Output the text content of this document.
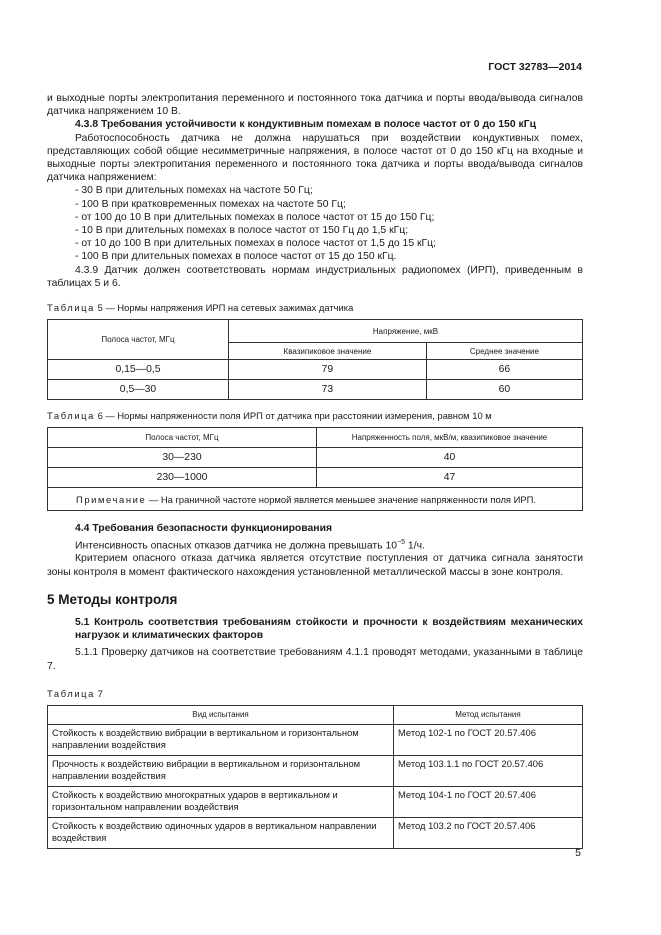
ГОСТ 32783—2014

и выходные порты электропитания переменного и постоянного тока датчика и порты ввода/вывода сигналов датчика напряжением 10 В.

4.3.8 Требования устойчивости к кондуктивным помехам в полосе частот от 0 до 150 кГц

Работоспособность датчика не должна нарушаться при воздействии кондуктивных помех, представляющих собой общие несимметричные напряжения, в полосе частот от 0 до 150 кГц на входные и выходные порты электропитания переменного и постоянного тока датчика и порты ввода/вывода сигналов датчика напряжением:

- 30 В при длительных помехах на частоте 50 Гц;

- 100 В при кратковременных помехах на частоте 50 Гц;

- от 100 до 10 В при длительных помехах в полосе частот от 15 до 150 Гц;

- 10 В при длительных помехах в полосе частот от 150 Гц до 1,5 кГц;

- от 10 до 100 В при длительных помехах в полосе частот от 1,5 до 15 кГц;

- 100 В при длительных помехах в полосе частот от 15 до 150 кГц.

4.3.9 Датчик должен соответствовать нормам индустриальных радиопомех (ИРП), приведенным в таблицах 5 и 6.

Таблица 5 — Нормы напряжения ИРП на сетевых зажимах датчика
Полоса частот, МГц	Напряжение, мкВ	
	Квазипиковое значение	Среднее значение
0,15—0,5	79	66
0,5—30	73	60
Таблица 6 — Нормы напряженности поля ИРП от датчика при расстоянии измерения, равном 10 м
Полоса частот, МГц	Напряженность поля, мкВ/м, квазипиковое значение
30—230	40
230—1000	47
Примечание — На граничной частоте нормой является меньшее значение напряженности поля ИРП.	

4.4 Требования безопасности функционирования

Интенсивность опасных отказов датчика не должна превышать $10^{-5}$ 1/ч.

Критерием опасного отказа датчика является отсутствие поступления от датчика сигнала занятости зоны контроля в момент фактического нахождения установленной металлической массы в зоне контроля.

5 Методы контроля

5.1 Контроль соответствия требованиям стойкости и прочности к воздействиям механических нагрузок и климатических факторов

5.1.1 Проверку датчиков на соответствие требованиям 4.1.1 проводят методами, указанными в таблице 7.

Таблица 7
Вид испытания	Метод испытания
Стойкость к воздействию вибрации в вертикальном и горизонтальном направлении воздействия	Метод 102-1 по ГОСТ 20.57.406
Прочность к воздействию вибрации в вертикальном и горизонтальном направлении воздействия	Метод 103.1.1 по ГОСТ 20.57.406
Стойкость к воздействию многократных ударов в вертикальном и горизонтальном направлении воздействия	Метод 104-1 по ГОСТ 20.57.406
Стойкость к воздействию одиночных ударов в вертикальном направлении воздействия	Метод 103.2 по ГОСТ 20.57.406
5
